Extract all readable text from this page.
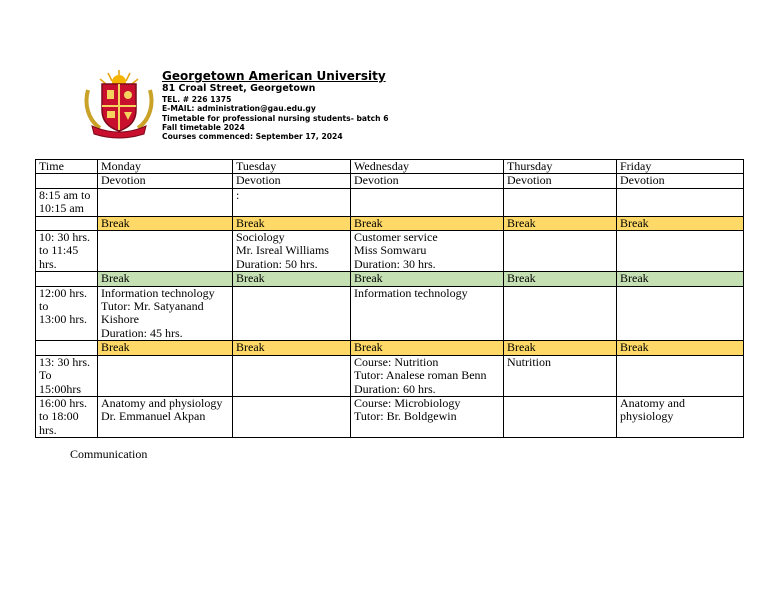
Georgetown American University
81 Croal Street, Georgetown
TEL. # 226 1375
E-MAIL: administration@gau.edu.gy
Timetable for professional nursing students- batch 6
Fall timetable 2024
Courses commenced: September 17, 2024
Time	Monday	Tuesday	Wednesday	Thursday	Friday
	Devotion	Devotion	Devotion	Devotion	Devotion
8:15 am to 10:15 am		:			
	Break	Break	Break	Break	Break
10: 30 hrs. to 11:45 hrs.		Sociology
Mr. Isreal Williams
Duration: 50 hrs.	Customer service
Miss Somwaru
Duration: 30 hrs.		
	Break	Break	Break	Break	Break
12:00 hrs.
to
13:00 hrs.	Information technology
Tutor: Mr. Satyanand Kishore
Duration: 45 hrs.		Information technology		
	Break	Break	Break	Break	Break
13: 30 hrs. To 15:00hrs			Course: Nutrition
Tutor: Analese roman Benn
Duration: 60 hrs.	Nutrition	
16:00 hrs. to 18:00 hrs.	Anatomy and physiology
Dr. Emmanuel Akpan		Course: Microbiology
Tutor: Br. Boldgewin		Anatomy and physiology
Communication
